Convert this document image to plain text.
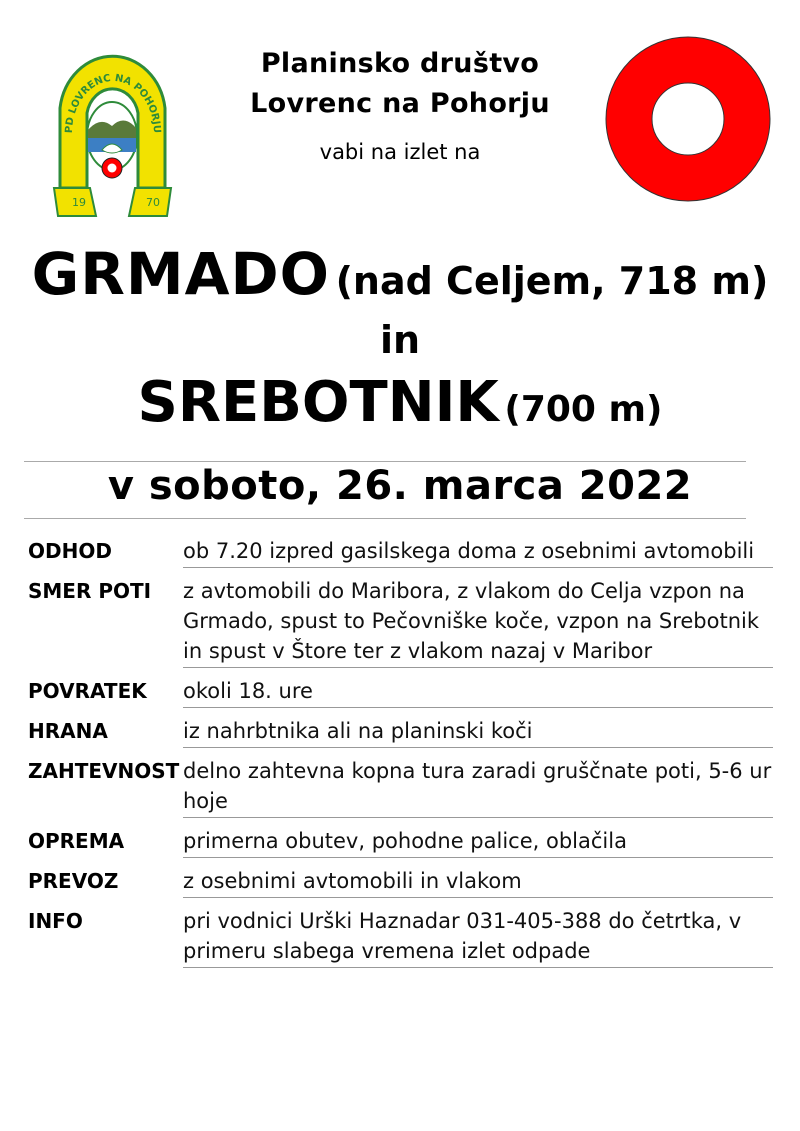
PD LOVRENC NA POHORJU
19	70
Planinsko društvo
Lovrenc na Pohorju
vabi na izlet na
GRMADO (nad Celjem, 718 m)
in
SREBOTNIK (700 m)
v soboto, 26. marca 2022
ODHOD	ob 7.20 izpred gasilskega doma z osebnimi avtomobili
SMER POTI	z avtomobili do Maribora, z vlakom do Celja vzpon na Grmado, spust to Pečovniške koče, vzpon na Srebotnik in spust v Štore ter z vlakom nazaj v Maribor
POVRATEK	okoli 18. ure
HRANA	iz nahrbtnika ali na planinski koči
ZAHTEVNOST delno zahtevna kopna tura zaradi gruščnate poti, 5-6 ur hoje
OPREMA	primerna obutev, pohodne palice, oblačila
PREVOZ	z osebnimi avtomobili in vlakom
INFO	pri vodnici Urški Haznadar 031-405-388 do četrtka, v primeru slabega vremena izlet odpade
